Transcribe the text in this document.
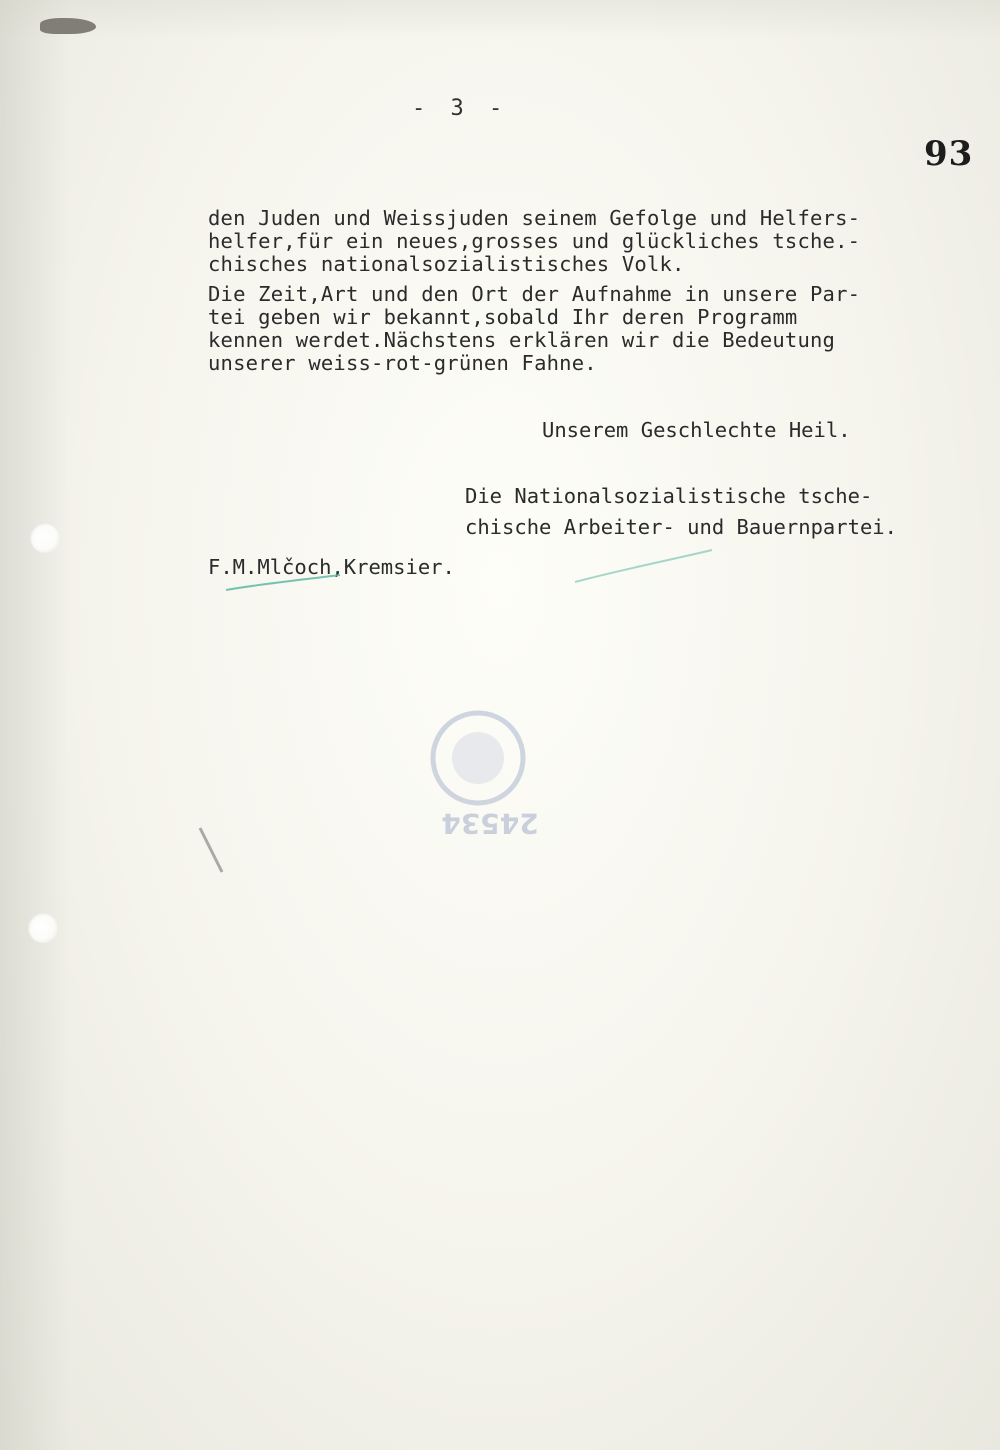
- 3 -
93
den Juden und Weissjuden seinem Gefolge und Helfers-
helfer,für ein neues,grosses und glückliches tsche.-
chisches nationalsozialistisches Volk.
Die Zeit,Art und den Ort der Aufnahme in unsere Par-
tei geben wir bekannt,sobald Ihr deren Programm
kennen werdet.Nächstens erklären wir die Bedeutung
unserer weiss-rot-grünen Fahne.
Unserem Geschlechte Heil.
Die Nationalsozialistische tsche-
chische Arbeiter- und Bauernpartei.
F.M.Mlčoch,Kremsier.
24534
